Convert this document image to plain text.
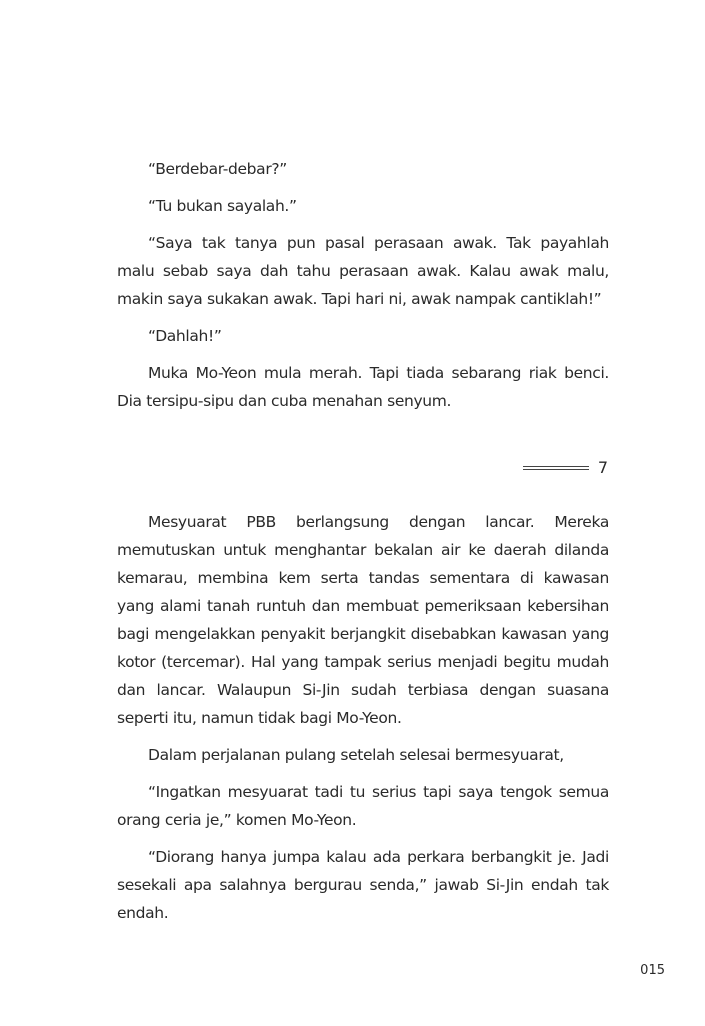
“Berdebar-debar?”

“Tu bukan sayalah.”

“Saya tak tanya pun pasal perasaan awak. Tak payahlah malu sebab saya dah tahu perasaan awak. Kalau awak malu, makin saya sukakan awak. Tapi hari ni, awak nampak cantiklah!”

“Dahlah!”

Muka Mo-Yeon mula merah. Tapi tiada sebarang riak benci. Dia tersipu-sipu dan cuba menahan senyum.

7

Mesyuarat PBB berlangsung dengan lancar. Mereka memutuskan untuk menghantar bekalan air ke daerah dilanda kemarau, membina kem serta tandas sementara di kawasan yang alami tanah runtuh dan membuat pemeriksaan kebersihan bagi mengelakkan penyakit berjangkit disebabkan kawasan yang kotor (tercemar). Hal yang tampak serius menjadi begitu mudah dan lancar. Walaupun Si-Jin sudah terbiasa dengan suasana seperti itu, namun tidak bagi Mo-Yeon.

Dalam perjalanan pulang setelah selesai bermesyuarat,

“Ingatkan mesyuarat tadi tu serius tapi saya tengok semua orang ceria je,” komen Mo-Yeon.

“Diorang hanya jumpa kalau ada perkara berbangkit je. Jadi sesekali apa salahnya bergurau senda,” jawab Si-Jin endah tak endah.

015
